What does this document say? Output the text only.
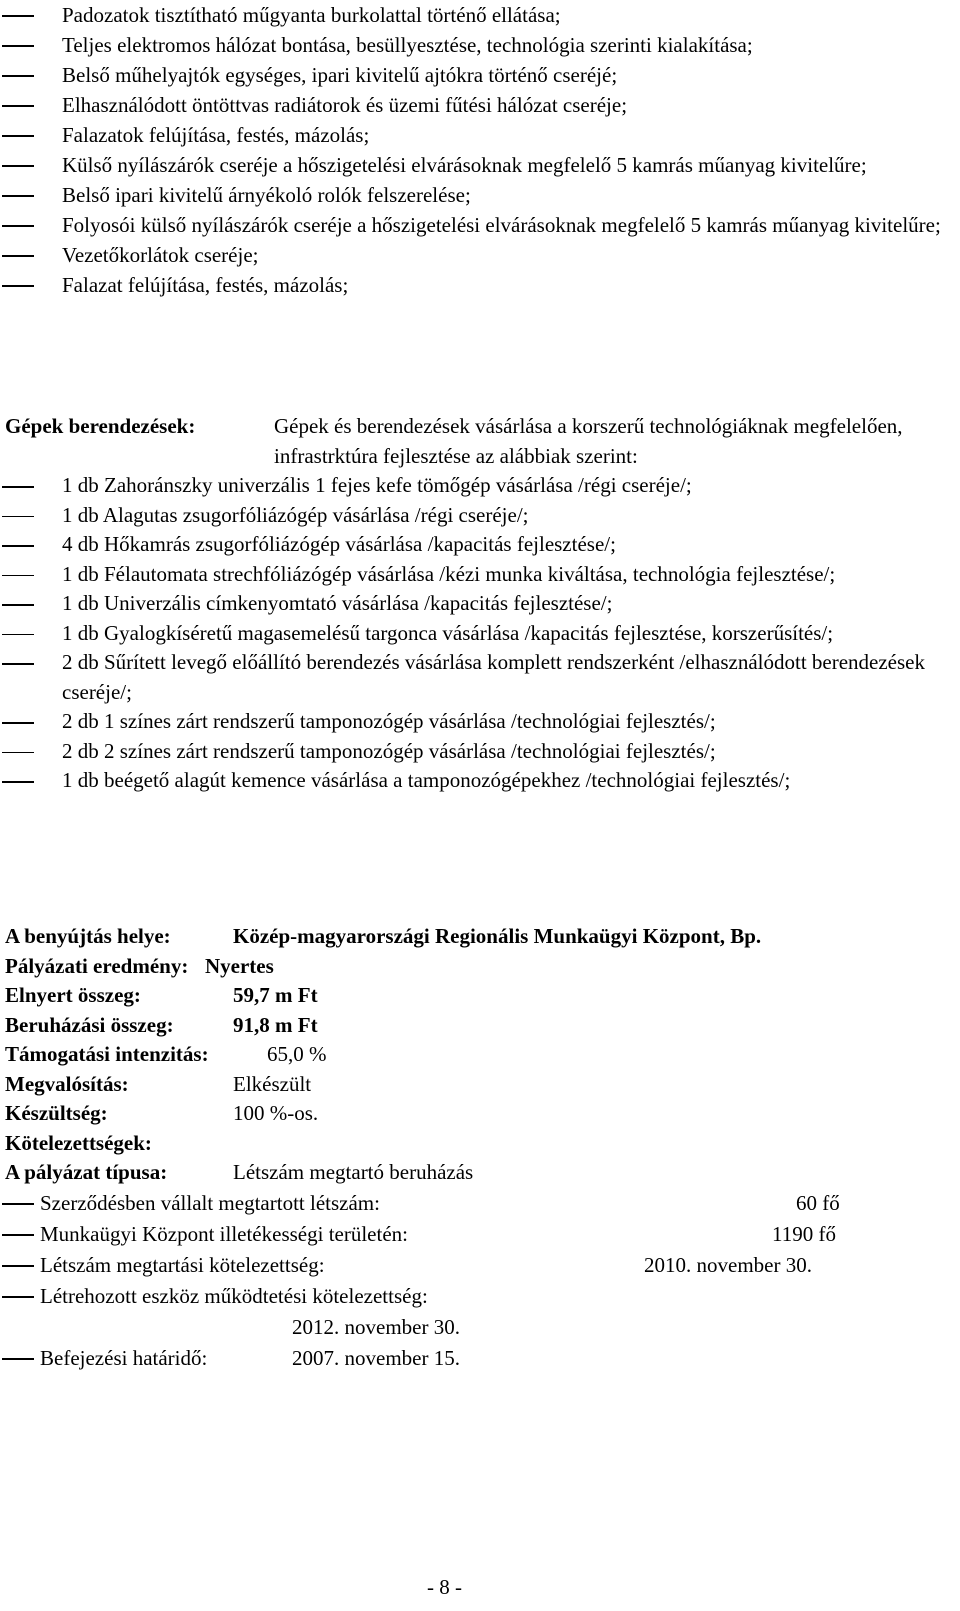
Padozatok tisztítható műgyanta burkolattal történő ellátása;
Teljes elektromos hálózat bontása, besüllyesztése, technológia szerinti kialakítása;
Belső műhelyajtók egységes, ipari kivitelű ajtókra történő cseréjé;
Elhasználódott öntöttvas radiátorok és üzemi fűtési hálózat cseréje;
Falazatok felújítása, festés, mázolás;
Külső nyílászárók cseréje a hőszigetelési elvárásoknak megfelelő 5 kamrás műanyag kivitelűre;
Belső ipari kivitelű árnyékoló rolók felszerelése;
Folyosói külső nyílászárók cseréje a hőszigetelési elvárásoknak megfelelő 5 kamrás műanyag kivitelűre;
Vezetőkorlátok cseréje;
Falazat felújítása, festés, mázolás;
Gépek berendezések:	Gépek és berendezések vásárlása a korszerű technológiáknak megfelelően, infrastrktúra fejlesztése az alábbiak szerint:
1 db Zahoránszky univerzális 1 fejes kefe tömőgép vásárlása /régi cseréje/;
1 db Alagutas zsugorfóliázógép vásárlása /régi cseréje/;
4 db Hőkamrás zsugorfóliázógép vásárlása /kapacitás fejlesztése/;
1 db Félautomata strechfóliázógép vásárlása /kézi munka kiváltása, technológia fejlesztése/;
1 db Univerzális címkenyomtató vásárlása /kapacitás fejlesztése/;
1 db Gyalogkíséretű magasemelésű targonca vásárlása /kapacitás fejlesztése, korszerűsítés/;
2 db Sűrített levegő előállító berendezés vásárlása komplett rendszerként /elhasználódott berendezések cseréje/;
2 db 1 színes zárt rendszerű tamponozógép vásárlása /technológiai fejlesztés/;
2 db 2 színes zárt rendszerű tamponozógép vásárlása /technológiai fejlesztés/;
1 db beégető alagút kemence vásárlása a tamponozógépekhez /technológiai fejlesztés/;
A benyújtás helye:	Közép-magyarországi Regionális Munkaügyi Központ, Bp.
Pályázati eredmény: Nyertes
Elnyert összeg:	59,7 m Ft
Beruházási összeg:	91,8 m Ft
Támogatási intenzitás:	65,0 %
Megvalósítás:	Elkészült
Készültség:	100 %-os.
Kötelezettségek:
A pályázat típusa:	Létszám megtartó beruházás
Szerződésben vállalt megtartott létszám:	60 fő
Munkaügyi Központ illetékességi területén:	1190 fő
Létszám megtartási kötelezettség:	2010. november 30.
Létrehozott eszköz működtetési kötelezettség:
2012. november 30.
Befejezési határidő:	2007. november 15.
- 8 -
